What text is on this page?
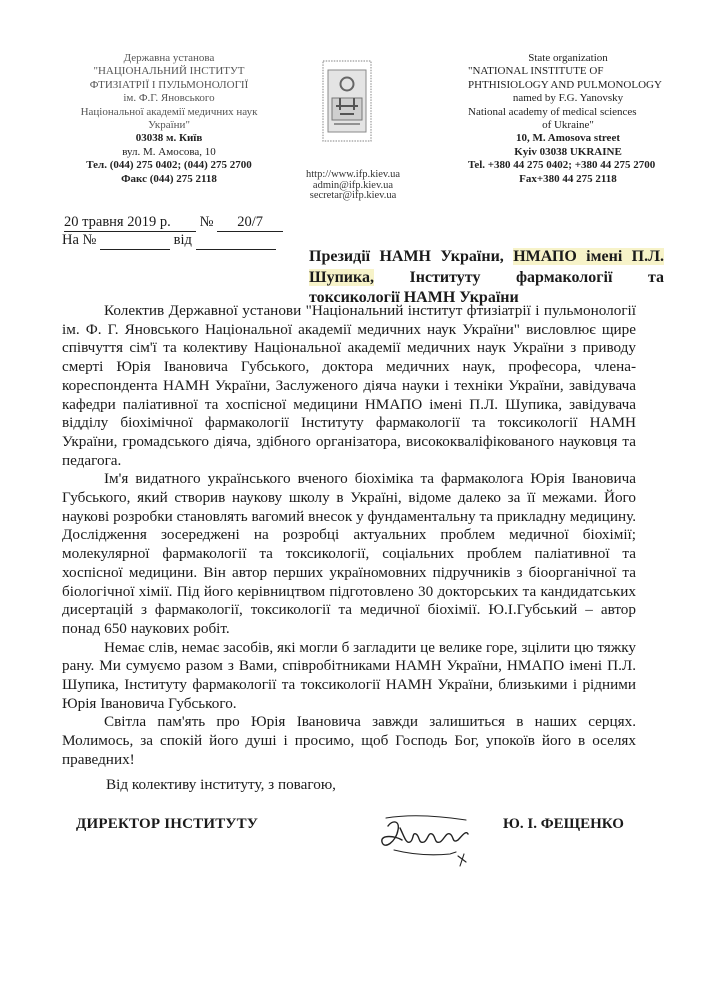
Державна установа
"НАЦІОНАЛЬНИЙ ІНСТИТУТ
ФТИЗІАТРІЇ І ПУЛЬМОНОЛОГІЇ
ім. Ф.Г. Яновського
Національної академії медичних наук
України"
03038 м. Київ
вул. М. Амосова, 10
Тел. (044) 275 0402; (044) 275 2700
Факс (044) 275 2118
State organization
"NATIONAL INSTITUTE OF
PHTHISIOLOGY AND PULMONOLOGY
named by F.G. Yanovsky
National academy of medical sciences
of Ukraine"
10, M. Amosova street
Kyiv 03038 UKRAINE
Tel. +380 44 275 0402; +380 44 275 2700
Fax+380 44 275 2118
http://www.ifp.kiev.ua
admin@ifp.kiev.ua
secretar@ifp.kiev.ua
20 травня 2019 р. № 20/7
На №	від
Президії НАМН України, НМАПО імені П.Л. Шупика, Інституту фармакології та токсикології НАМН України

Колектив Державної установи "Національний інститут фтизіатрії і пульмонології ім. Ф. Г. Яновського Національної академії медичних наук України" висловлює щире співчуття сім'ї та колективу Національної академії медичних наук України з приводу смерті Юрія Івановича Губського, доктора медичних наук, професора, члена-кореспондента НАМН України, Заслуженого діяча науки і техніки України, завідувача кафедри паліативної та хоспісної медицини НМАПО імені П.Л. Шупика, завідувача відділу біохімічної фармакології Інституту фармакології та токсикології НАМН України, громадського діяча, здібного організатора, висококваліфікованого науковця та педагога.

Ім'я видатного українського вченого біохіміка та фармаколога Юрія Івановича Губського, який створив наукову школу в Україні, відоме далеко за її межами. Його наукові розробки становлять вагомий внесок у фундаментальну та прикладну медицину. Дослідження зосереджені на розробці актуальних проблем медичної біохімії; молекулярної фармакології та токсикології, соціальних проблем паліативної та хоспісної медицини. Він автор перших україномовних підручників з біоорганічної та біологічної хімії. Під його керівництвом підготовлено 30 докторських та кандидатських дисертацій з фармакології, токсикології та медичної біохімії. Ю.І.Губський – автор понад 650 наукових робіт.

Немає слів, немає засобів, які могли б загладити це велике горе, зцілити цю тяжку рану. Ми сумуємо разом з Вами, співробітниками НАМН України, НМАПО імені П.Л. Шупика, Інституту фармакології та токсикології НАМН України, близькими і рідними Юрія Івановича Губського.

Світла пам'ять про Юрія Івановича завжди залишиться в наших серцях. Молимось, за спокій його душі і просимо, щоб Господь Бог, упокоїв його в оселях праведних!

Від колективу інституту, з повагою,
ДИРЕКТОР ІНСТИТУТУ	Ю. І. ФЕЩЕНКО
